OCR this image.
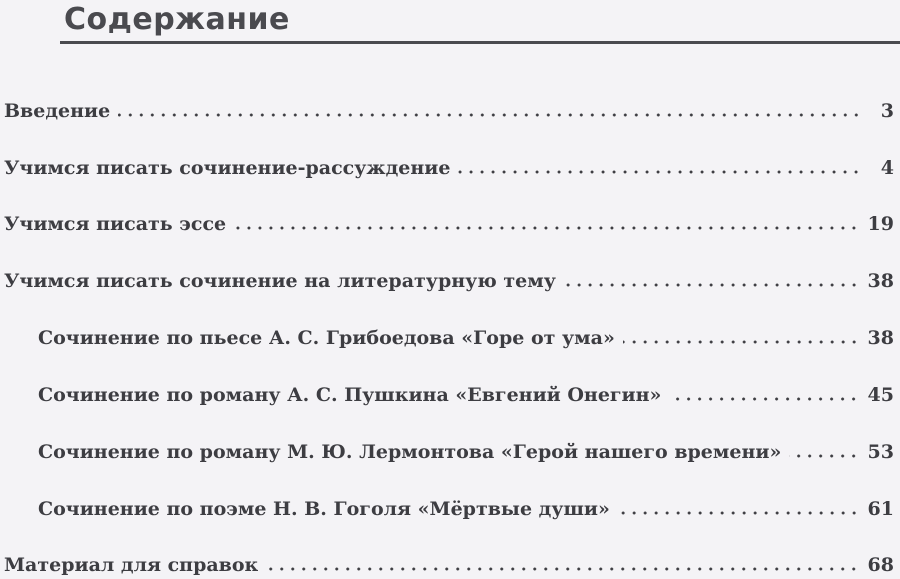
Содержание
Введение	3
Учимся писать сочинение-рассуждение	4
Учимся писать эссе	19
Учимся писать сочинение на литературную тему	38
Сочинение по пьесе А. С. Грибоедова «Горе от ума»	38
Сочинение по роману А. С. Пушкина «Евгений Онегин»	45
Сочинение по роману М. Ю. Лермонтова «Герой нашего времени»	53
Сочинение по поэме Н. В. Гоголя «Мёртвые души»	61
Материал для справок	68
